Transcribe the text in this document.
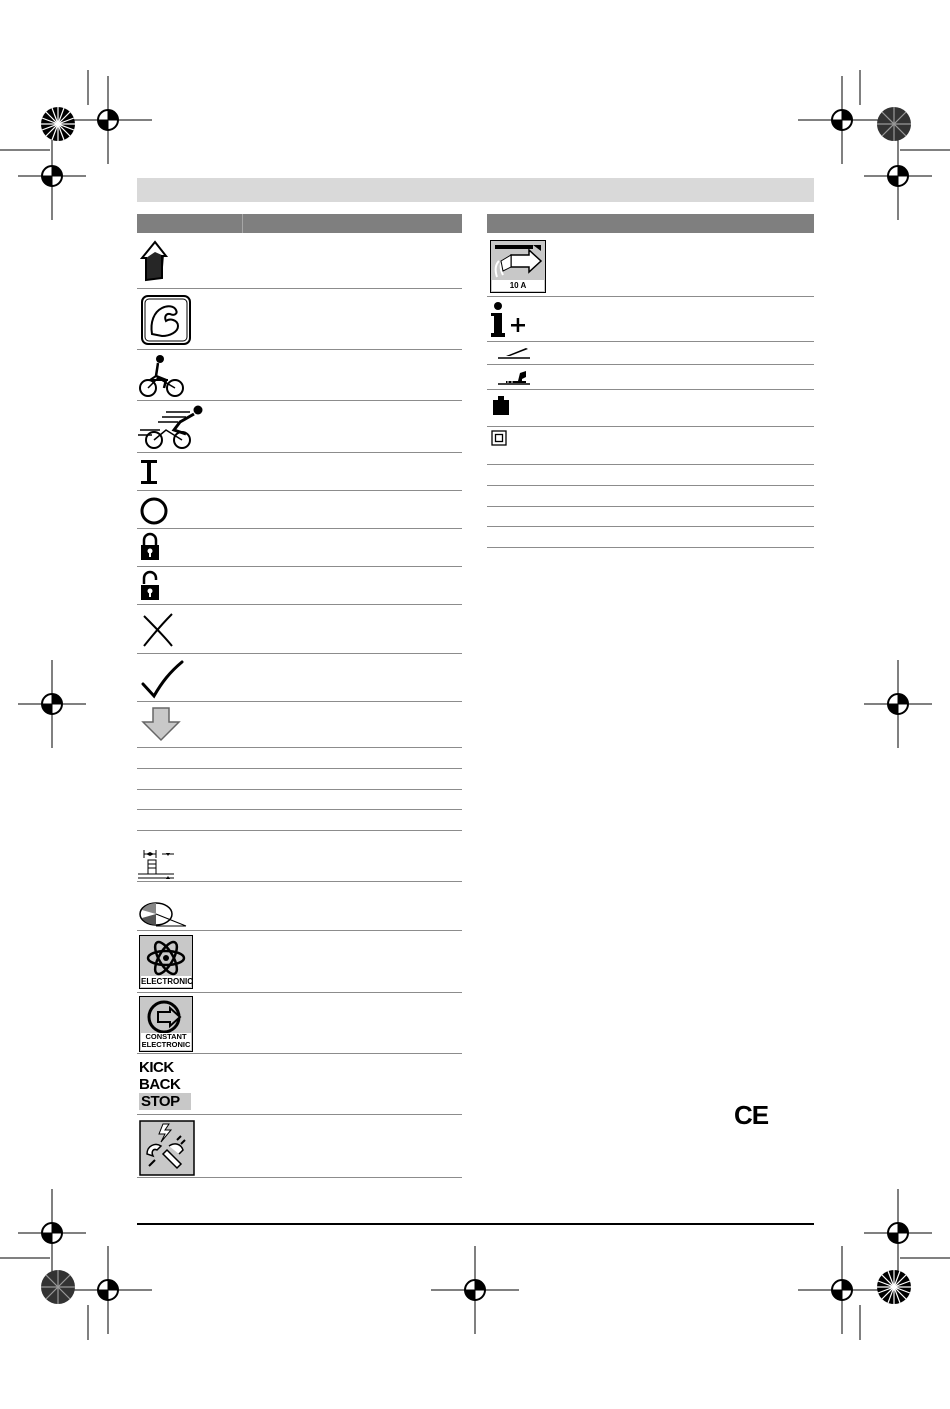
ELECTRONIC
CONSTANT
ELECTRONIC
KICK
BACK
STOP
10 A
CE
